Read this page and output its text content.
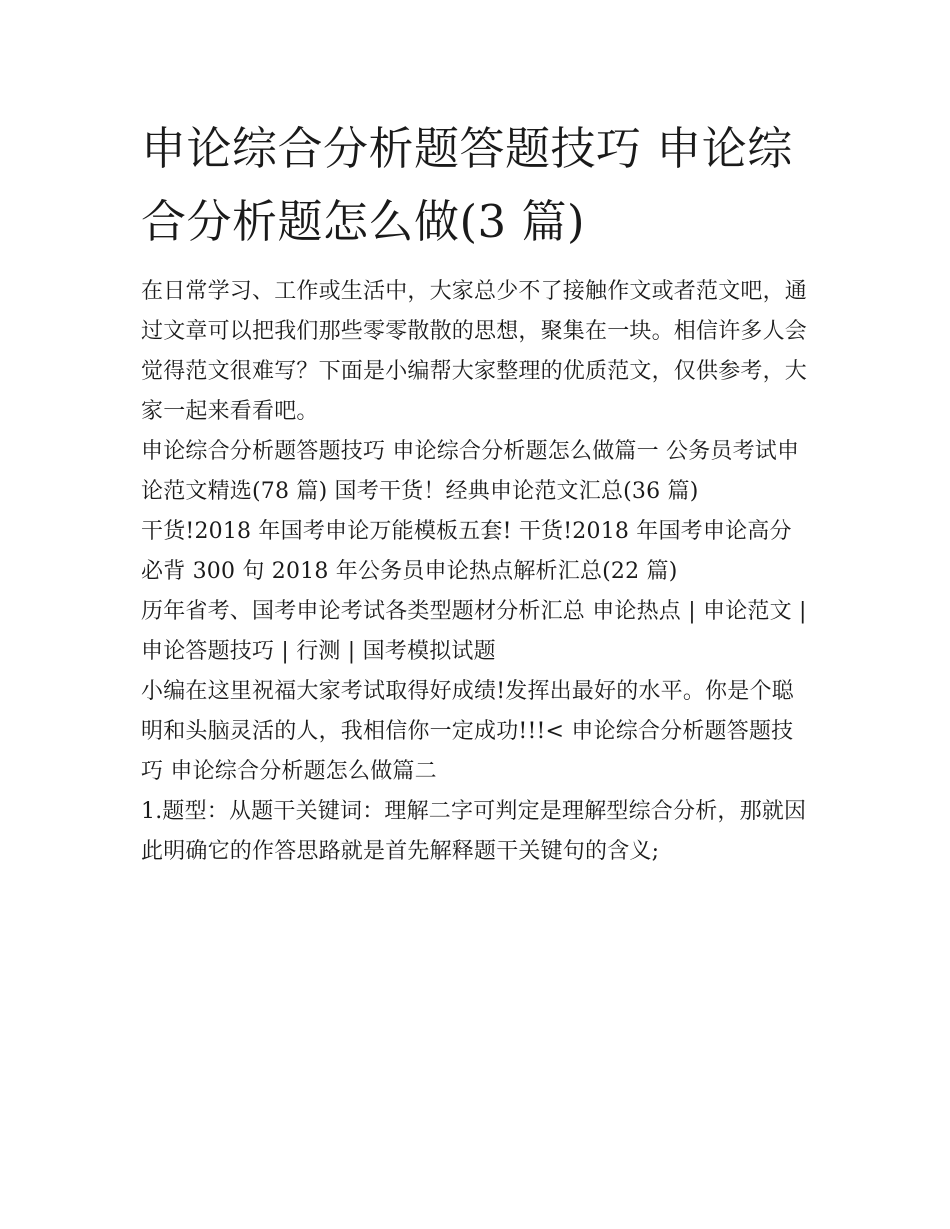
申论综合分析题答题技巧 申论综合分析题怎么做(3 篇)

在日常学习、工作或生活中，大家总少不了接触作文或者范文吧，通过文章可以把我们那些零零散散的思想，聚集在一块。相信许多人会觉得范文很难写？下面是小编帮大家整理的优质范文，仅供参考，大家一起来看看吧。

申论综合分析题答题技巧 申论综合分析题怎么做篇一 公务员考试申论范文精选(78 篇) 国考干货！经典申论范文汇总(36 篇)

干货!2018 年国考申论万能模板五套! 干货!2018 年国考申论高分必背 300 句 2018 年公务员申论热点解析汇总(22 篇)

历年省考、国考申论考试各类型题材分析汇总 申论热点 | 申论范文 | 申论答题技巧 | 行测 | 国考模拟试题

小编在这里祝福大家考试取得好成绩!发挥出最好的水平。你是个聪明和头脑灵活的人，我相信你一定成功!!!< 申论综合分析题答题技巧 申论综合分析题怎么做篇二

1.题型：从题干关键词：理解二字可判定是理解型综合分析，那就因此明确它的作答思路就是首先解释题干关键句的含义;
